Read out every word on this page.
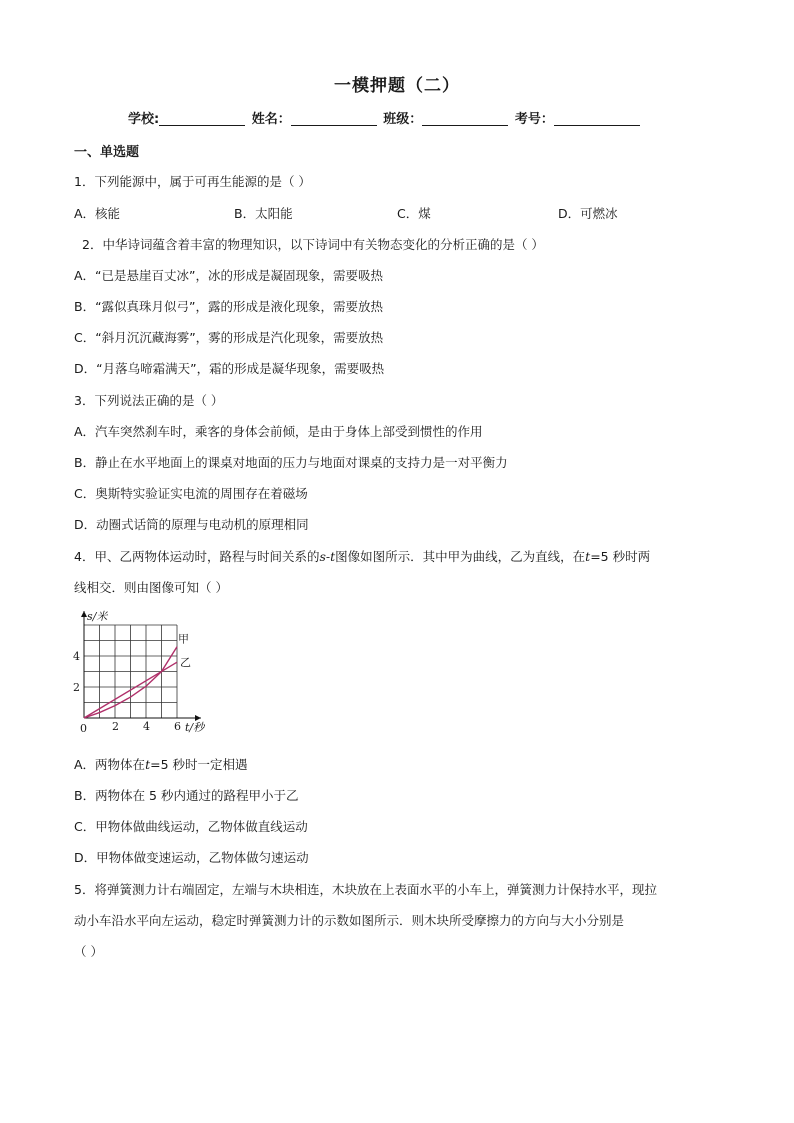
一模押题（二）
学校:	姓名：	班级：	考号：
一、单选题
1．下列能源中，属于可再生能源的是（ ）
A．核能	B．太阳能	C．煤	D．可燃冰
2．中华诗词蕴含着丰富的物理知识，以下诗词中有关物态变化的分析正确的是（ ）
A．“已是悬崖百丈冰”，冰的形成是凝固现象，需要吸热
B．“露似真珠月似弓”，露的形成是液化现象，需要放热
C．“斜月沉沉藏海雾”，雾的形成是汽化现象，需要放热
D．“月落乌啼霜满天”，霜的形成是凝华现象，需要吸热
3．下列说法正确的是（ ）
A．汽车突然刹车时，乘客的身体会前倾，是由于身体上部受到惯性的作用
B．静止在水平地面上的课桌对地面的压力与地面对课桌的支持力是一对平衡力
C．奥斯特实验证实电流的周围存在着磁场
D．动圈式话筒的原理与电动机的原理相同
4．甲、乙两物体运动时，路程与时间关系的s-t图像如图所示．其中甲为曲线，乙为直线，在t=5 秒时两
线相交．则由图像可知（ ）
甲
乙
2 4 6
2
4
0
s/米
t/秒
A．两物体在t=5 秒时一定相遇
B．两物体在 5 秒内通过的路程甲小于乙
C．甲物体做曲线运动，乙物体做直线运动
D．甲物体做变速运动，乙物体做匀速运动
5．将弹簧测力计右端固定，左端与木块相连，木块放在上表面水平的小车上，弹簧测力计保持水平，现拉
动小车沿水平向左运动，稳定时弹簧测力计的示数如图所示．则木块所受摩擦力的方向与大小分别是
（ ）
